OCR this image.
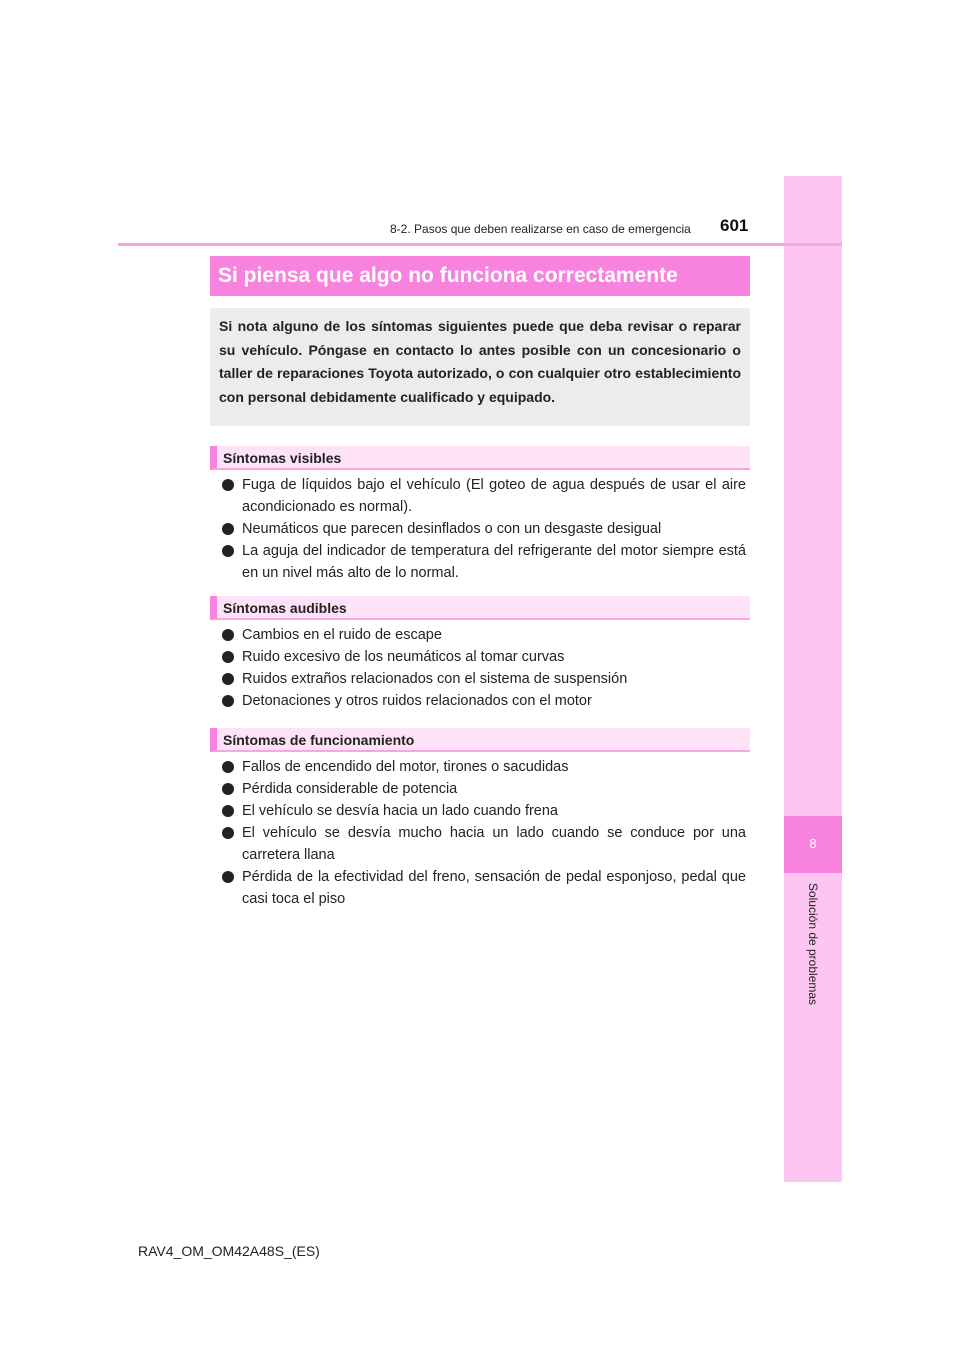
8
Solución de problemas
8-2. Pasos que deben realizarse en caso de emergencia 601
Si piensa que algo no funciona correctamente
Si nota alguno de los síntomas siguientes puede que deba revisar o reparar su vehículo. Póngase en contacto lo antes posible con un concesionario o taller de reparaciones Toyota autorizado, o con cualquier otro establecimiento con personal debidamente cualificado y equipado.
Síntomas visibles
Fuga de líquidos bajo el vehículo (El goteo de agua después de usar el aire acondicionado es normal).
Neumáticos que parecen desinflados o con un desgaste desigual
La aguja del indicador de temperatura del refrigerante del motor siempre está en un nivel más alto de lo normal.
Síntomas audibles
Cambios en el ruido de escape
Ruido excesivo de los neumáticos al tomar curvas
Ruidos extraños relacionados con el sistema de suspensión
Detonaciones y otros ruidos relacionados con el motor
Síntomas de funcionamiento
Fallos de encendido del motor, tirones o sacudidas
Pérdida considerable de potencia
El vehículo se desvía hacia un lado cuando frena
El vehículo se desvía mucho hacia un lado cuando se conduce por una carretera llana
Pérdida de la efectividad del freno, sensación de pedal esponjoso, pedal que casi toca el piso
RAV4_OM_OM42A48S_(ES)
